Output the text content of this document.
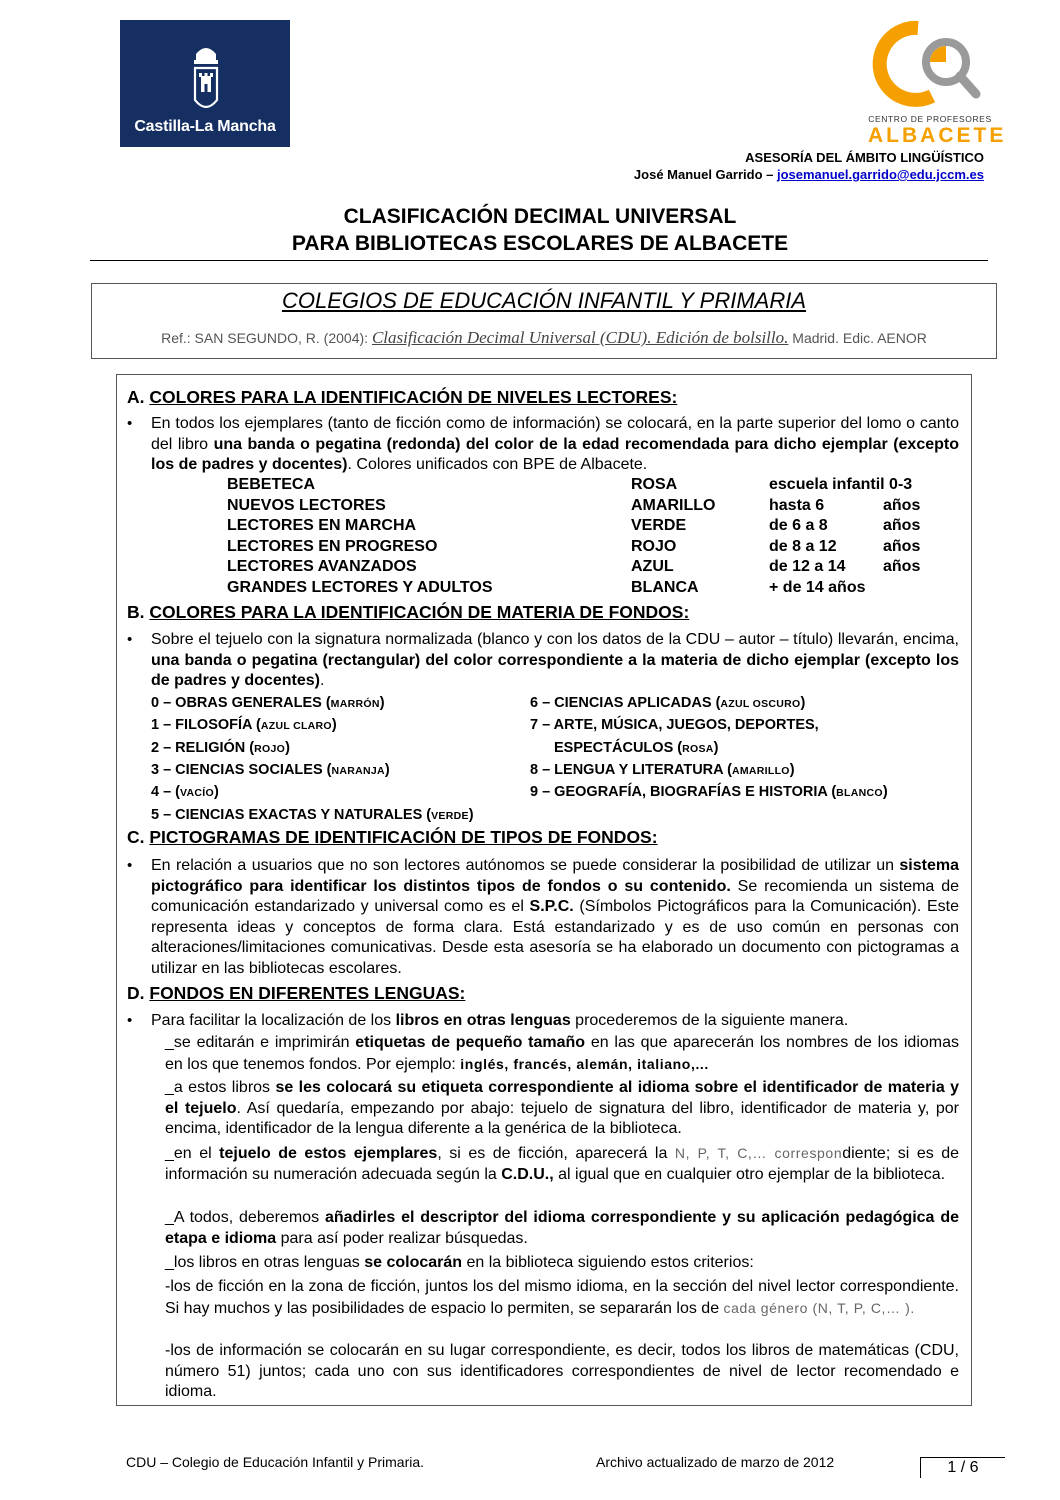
Castilla-La Mancha	CENTRO DE PROFESORES
ALBACETE
ASESORÍA DEL ÁMBITO LINGÜÍSTICO
José Manuel Garrido – josemanuel.garrido@edu.jccm.es
CLASIFICACIÓN DECIMAL UNIVERSAL
PARA BIBLIOTECAS ESCOLARES DE ALBACETE
COLEGIOS DE EDUCACIÓN INFANTIL Y PRIMARIA
Ref.: SAN SEGUNDO, R. (2004): Clasificación Decimal Universal (CDU). Edición de bolsillo. Madrid. Edic. AENOR
A. COLORES PARA LA IDENTIFICACIÓN DE NIVELES LECTORES:
• En todos los ejemplares (tanto de ficción como de información) se colocará, en la parte superior del lomo o canto del libro una banda o pegatina (redonda) del color de la edad recomendada para dicho ejemplar (excepto los de padres y docentes). Colores unificados con BPE de Albacete.
BEBETECA	ROSA	escuela infantil 0-3
NUEVOS LECTORES	AMARILLO	hasta 6	años
LECTORES EN MARCHA	VERDE	de 6 a 8	años
LECTORES EN PROGRESO	ROJO	de 8 a 12	años
LECTORES AVANZADOS	AZUL	de 12 a 14 años
GRANDES LECTORES Y ADULTOS	BLANCA	+ de 14 años
B. COLORES PARA LA IDENTIFICACIÓN DE MATERIA DE FONDOS:
• Sobre el tejuelo con la signatura normalizada (blanco y con los datos de la CDU – autor – título) llevarán, encima, una banda o pegatina (rectangular) del color correspondiente a la materia de dicho ejemplar (excepto los de padres y docentes).
0 – OBRAS GENERALES (MARRÓN)
1 – FILOSOFÍA (AZUL CLARO)
2 – RELIGIÓN (ROJO)
3 – CIENCIAS SOCIALES (NARANJA)
4 – (VACÍO)
5 – CIENCIAS EXACTAS Y NATURALES (VERDE)
6 – CIENCIAS APLICADAS (AZUL OSCURO)
7 – ARTE, MÚSICA, JUEGOS, DEPORTES,
ESPECTÁCULOS (ROSA)
8 – LENGUA Y LITERATURA (AMARILLO)
9 – GEOGRAFÍA, BIOGRAFÍAS E HISTORIA (BLANCO)
C. PICTOGRAMAS DE IDENTIFICACIÓN DE TIPOS DE FONDOS:
• En relación a usuarios que no son lectores autónomos se puede considerar la posibilidad de utilizar un sistema pictográfico para identificar los distintos tipos de fondos o su contenido. Se recomienda un sistema de comunicación estandarizado y universal como es el S.P.C. (Símbolos Pictográficos para la Comunicación). Este representa ideas y conceptos de forma clara. Está estandarizado y es de uso común en personas con alteraciones/limitaciones comunicativas. Desde esta asesoría se ha elaborado un documento con pictogramas a utilizar en las bibliotecas escolares.
D. FONDOS EN DIFERENTES LENGUAS:
• Para facilitar la localización de los libros en otras lenguas procederemos de la siguiente manera.
_se editarán e imprimirán etiquetas de pequeño tamaño en las que aparecerán los nombres de los idiomas en los que tenemos fondos. Por ejemplo: inglés, francés, alemán, italiano,...
_a estos libros se les colocará su etiqueta correspondiente al idioma sobre el identificador de materia y el tejuelo. Así quedaría, empezando por abajo: tejuelo de signatura del libro, identificador de materia y, por encima, identificador de la lengua diferente a la genérica de la biblioteca.
_en el tejuelo de estos ejemplares, si es de ficción, aparecerá la N, P, T, C,… correspondiente; si es de información su numeración adecuada según la C.D.U., al igual que en cualquier otro ejemplar de la biblioteca.
_A todos, deberemos añadirles el descriptor del idioma correspondiente y su aplicación pedagógica de etapa e idioma para así poder realizar búsquedas.
_los libros en otras lenguas se colocarán en la biblioteca siguiendo estos criterios:
-los de ficción en la zona de ficción, juntos los del mismo idioma, en la sección del nivel lector correspondiente. Si hay muchos y las posibilidades de espacio lo permiten, se separarán los de cada género (N, T, P, C,… ).
-los de información se colocarán en su lugar correspondiente, es decir, todos los libros de matemáticas (CDU, número 51) juntos; cada uno con sus identificadores correspondientes de nivel de lector recomendado e idioma.
CDU – Colegio de Educación Infantil y Primaria.	Archivo actualizado de marzo de 2012	1 / 6
